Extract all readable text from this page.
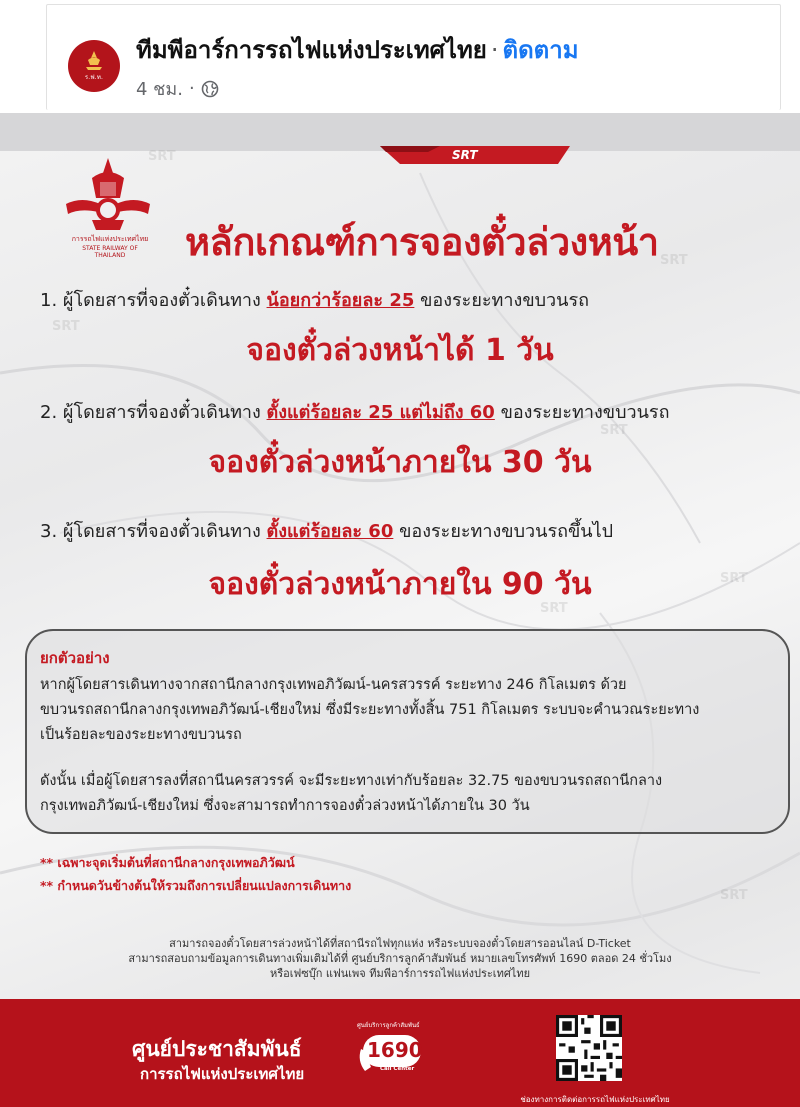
ร.ฟ.ท.
ทีมพีอาร์การรถไฟแห่งประเทศไทย · ติดตาม
4 ชม. ·
SRT
SRT
SRT
SRT
SRT
SRT
SRT
SRT
การรถไฟแห่งประเทศไทย
STATE RAILWAY OF THAILAND	หลักเกณฑ์การจองตั๋วล่วงหน้า
1. ผู้โดยสารที่จองตั๋วเดินทาง น้อยกว่าร้อยละ 25 ของระยะทางขบวนรถ
จองตั๋วล่วงหน้าได้ 1 วัน
2. ผู้โดยสารที่จองตั๋วเดินทาง ตั้งแต่ร้อยละ 25 แต่ไม่ถึง 60 ของระยะทางขบวนรถ
จองตั๋วล่วงหน้าภายใน 30 วัน
3. ผู้โดยสารที่จองตั๋วเดินทาง ตั้งแต่ร้อยละ 60 ของระยะทางขบวนรถขึ้นไป
จองตั๋วล่วงหน้าภายใน 90 วัน
ยกตัวอย่าง
หากผู้โดยสารเดินทางจากสถานีกลางกรุงเทพอภิวัฒน์-นครสวรรค์ ระยะทาง 246 กิโลเมตร ด้วย
ขบวนรถสถานีกลางกรุงเทพอภิวัฒน์-เชียงใหม่ ซึ่งมีระยะทางทั้งสิ้น 751 กิโลเมตร ระบบจะคำนวณระยะทาง
เป็นร้อยละของระยะทางขบวนรถ
ดังนั้น เมื่อผู้โดยสารลงที่สถานีนครสวรรค์ จะมีระยะทางเท่ากับร้อยละ 32.75 ของขบวนรถสถานีกลาง
กรุงเทพอภิวัฒน์-เชียงใหม่ ซึ่งจะสามารถทำการจองตั๋วล่วงหน้าได้ภายใน 30 วัน
** เฉพาะจุดเริ่มต้นที่สถานีกลางกรุงเทพอภิวัฒน์
** กำหนดวันข้างต้นให้รวมถึงการเปลี่ยนแปลงการเดินทาง
สามารถจองตั๋วโดยสารล่วงหน้าได้ที่สถานีรถไฟทุกแห่ง หรือระบบจองตั๋วโดยสารออนไลน์ D-Ticket
สามารถสอบถามข้อมูลการเดินทางเพิ่มเติมได้ที่ ศูนย์บริการลูกค้าสัมพันธ์ หมายเลขโทรศัพท์ 1690 ตลอด 24 ชั่วโมง
หรือเฟซบุ๊ก แฟนเพจ ทีมพีอาร์การรถไฟแห่งประเทศไทย
ศูนย์ประชาสัมพันธ์
การรถไฟแห่งประเทศไทย
ศูนย์บริการลูกค้าสัมพันธ์
1690
Call Center
ช่องทางการติดต่อการรถไฟแห่งประเทศไทย
